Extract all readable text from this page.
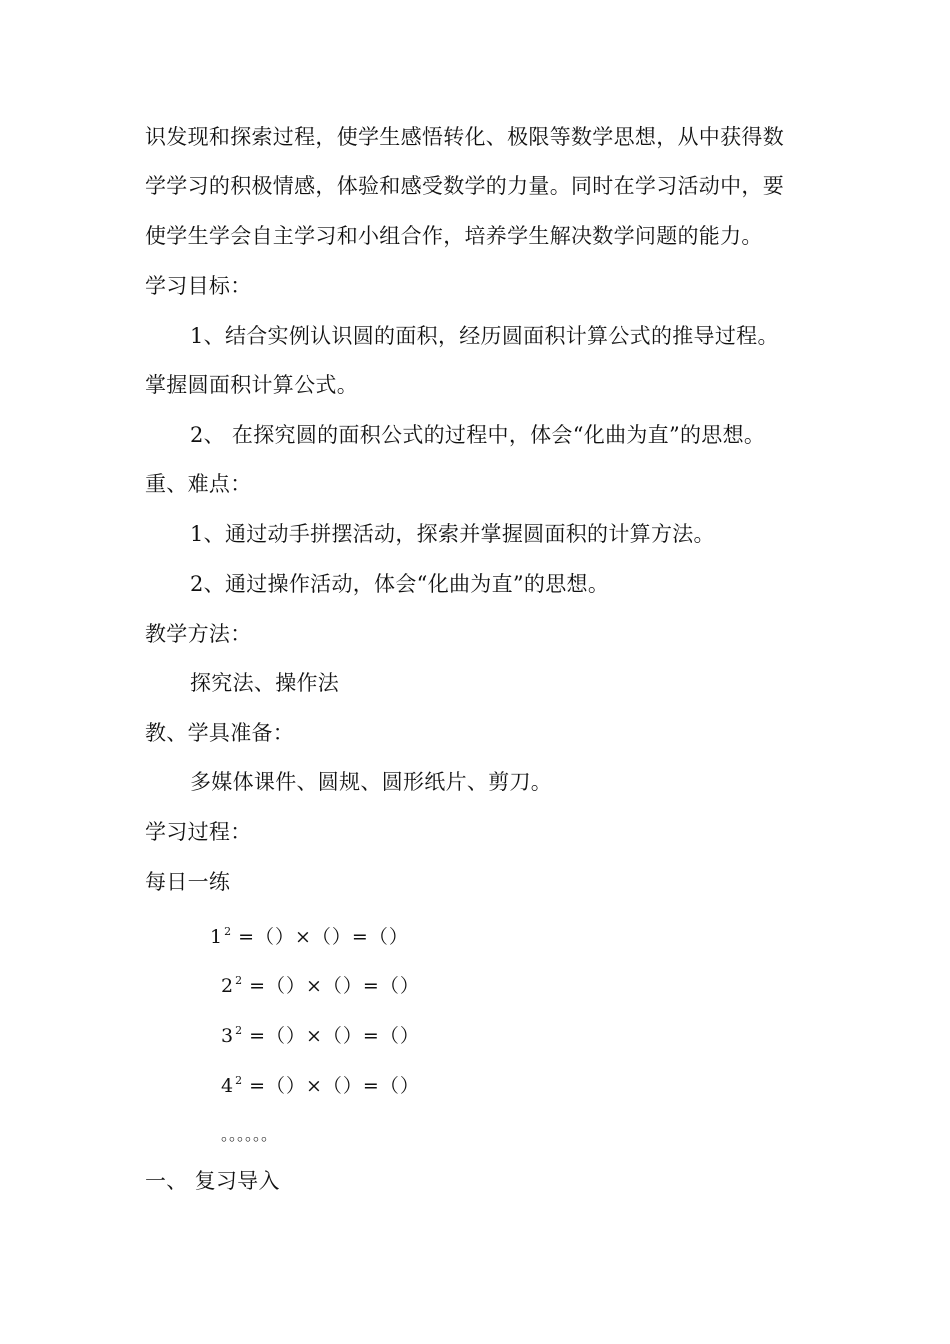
识发现和探索过程，使学生感悟转化、极限等数学思想，从中获得数
学学习的积极情感，体验和感受数学的力量。同时在学习活动中，要
使学生学会自主学习和小组合作，培养学生解决数学问题的能力。
学习目标：
1、结合实例认识圆的面积，经历圆面积计算公式的推导过程。
掌握圆面积计算公式。
2、 在探究圆的面积公式的过程中，体会“化曲为直”的思想。
重、难点：
1、通过动手拼摆活动，探索并掌握圆面积的计算方法。
2、通过操作活动，体会“化曲为直”的思想。
教学方法：
探究法、操作法
教、学具准备：
多媒体课件、圆规、圆形纸片、剪刀。
学习过程：
每日一练
$1^2$ =（）×（）=（）
$2^2$ =（）×（）=（）
$3^2$ =（）×（）=（）
$4^2$ =（）×（）=（）
。。。。。。
一、 复习导入
